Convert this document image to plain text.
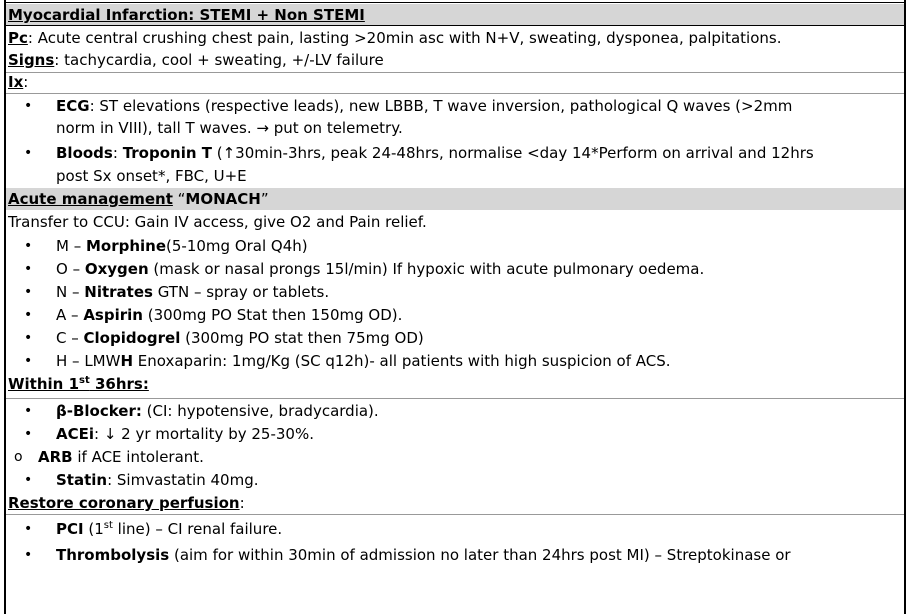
Myocardial Infarction: STEMI + Non STEMI
Pc: Acute central crushing chest pain, lasting >20min asc with N+V, sweating, dysponea, palpitations.
Signs: tachycardia, cool + sweating, +/-LV failure
Ix:
• ECG: ST elevations (respective leads), new LBBB, T wave inversion, pathological Q waves (>2mm
norm in VIII), tall T waves. → put on telemetry.
• Bloods: Troponin T (↑30min-3hrs, peak 24-48hrs, normalise <day 14*Perform on arrival and 12hrs
post Sx onset*, FBC, U+E
Acute management “MONACH”
Transfer to CCU: Gain IV access, give O2 and Pain relief.
• M – Morphine(5-10mg Oral Q4h)
• O – Oxygen (mask or nasal prongs 15l/min) If hypoxic with acute pulmonary oedema.
• N – Nitrates GTN – spray or tablets.
• A – Aspirin (300mg PO Stat then 150mg OD).
• C – Clopidogrel (300mg PO stat then 75mg OD)
• H – LMWH Enoxaparin: 1mg/Kg (SC q12h)- all patients with high suspicion of ACS.
Within 1st 36hrs:
• β-Blocker: (CI: hypotensive, bradycardia).
• ACEi: ↓ 2 yr mortality by 25-30%.
o ARB if ACE intolerant.
• Statin: Simvastatin 40mg.
Restore coronary perfusion:
• PCI (1st line) – CI renal failure.
• Thrombolysis (aim for within 30min of admission no later than 24hrs post MI) – Streptokinase or
